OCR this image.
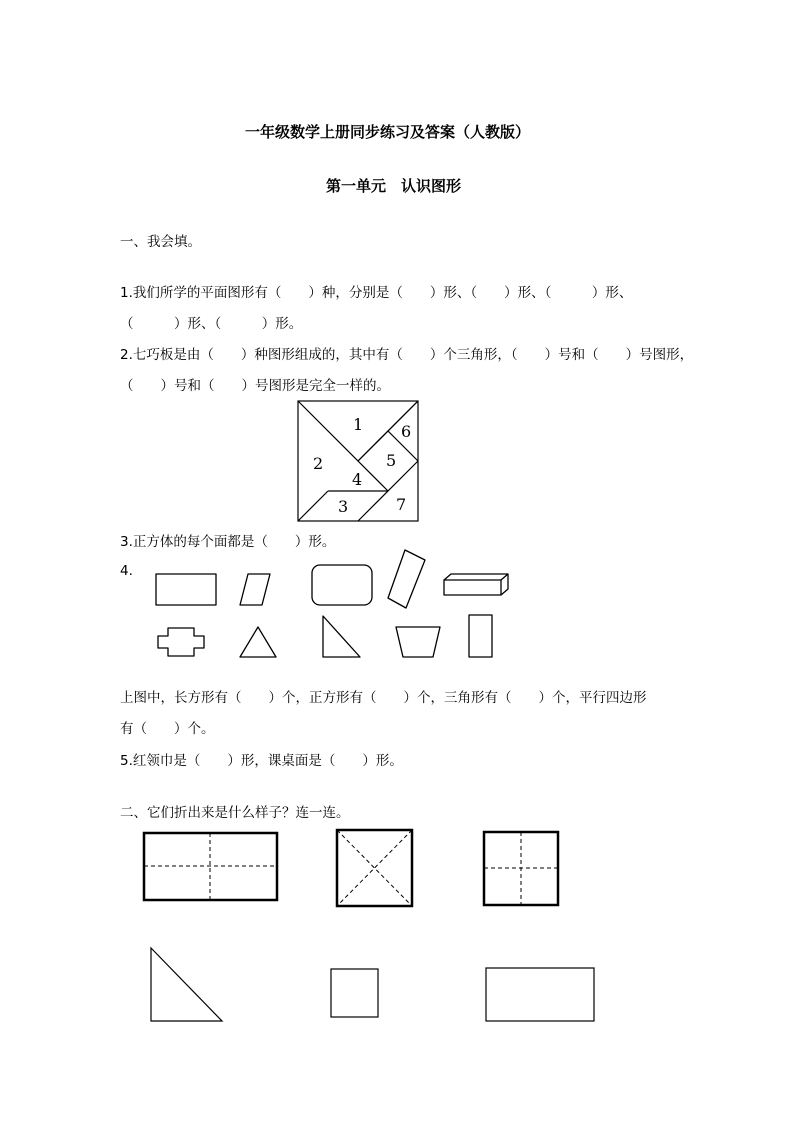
一年级数学上册同步练习及答案（人教版）
第一单元　认识图形
一、我会填。
1.我们所学的平面图形有（　　）种，分别是（　　）形、（　　）形、（　　　）形、
（　　　）形、（　　　）形。
2.七巧板是由（　　）种图形组成的，其中有（　　）个三角形，（　　）号和（　　）号图形，
（　　）号和（　　）号图形是完全一样的。
1
2
3
4
5
6
7
3.正方体的每个面都是（　　）形。
4.
上图中，长方形有（　　）个，正方形有（　　）个，三角形有（　　）个，平行四边形
有（　　）个。
5.红领巾是（　　）形，课桌面是（　　）形。
二、它们折出来是什么样子？连一连。
